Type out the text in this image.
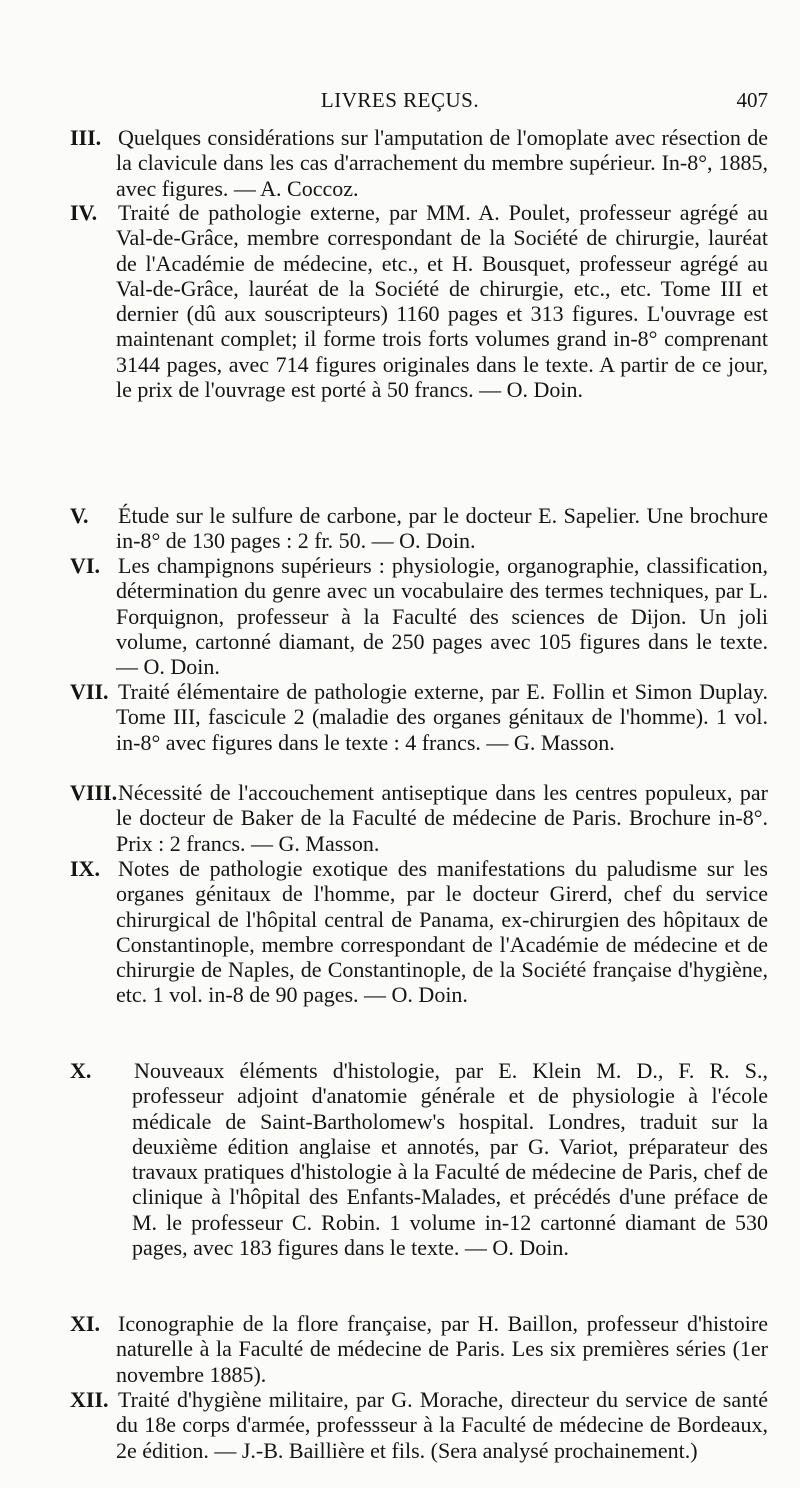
LIVRES REÇUS.	407
III. Quelques considérations sur l'amputation de l'omoplate avec résection de la clavicule dans les cas d'arrachement du membre supérieur. In-8°, 1885, avec figures. — A. Coccoz.
IV. Traité de pathologie externe, par MM. A. Poulet, professeur agrégé au Val-de-Grâce, membre correspondant de la Société de chirurgie, lauréat de l'Académie de médecine, etc., et H. Bousquet, professeur agrégé au Val-de-Grâce, lauréat de la Société de chirurgie, etc., etc. Tome III et dernier (dû aux souscripteurs) 1160 pages et 313 figures. L'ouvrage est maintenant complet; il forme trois forts volumes grand in-8° comprenant 3144 pages, avec 714 figures originales dans le texte. A partir de ce jour, le prix de l'ouvrage est porté à 50 francs. — O. Doin.
V. Étude sur le sulfure de carbone, par le docteur E. Sapelier. Une brochure in-8° de 130 pages : 2 fr. 50. — O. Doin.
VI. Les champignons supérieurs : physiologie, organographie, classification, détermination du genre avec un vocabulaire des termes techniques, par L. Forquignon, professeur à la Faculté des sciences de Dijon. Un joli volume, cartonné diamant, de 250 pages avec 105 figures dans le texte. — O. Doin.
VII. Traité élémentaire de pathologie externe, par E. Follin et Simon Duplay. Tome III, fascicule 2 (maladie des organes génitaux de l'homme). 1 vol. in-8° avec figures dans le texte : 4 francs. — G. Masson.
VIII. Nécessité de l'accouchement antiseptique dans les centres populeux, par le docteur de Baker de la Faculté de médecine de Paris. Brochure in-8°. Prix : 2 francs. — G. Masson.
IX. Notes de pathologie exotique des manifestations du paludisme sur les organes génitaux de l'homme, par le docteur Girerd, chef du service chirurgical de l'hôpital central de Panama, ex-chirurgien des hôpitaux de Constantinople, membre correspondant de l'Académie de médecine et de chirurgie de Naples, de Constantinople, de la Société française d'hygiène, etc. 1 vol. in-8 de 90 pages. — O. Doin.
X. Nouveaux éléments d'histologie, par E. Klein M. D., F. R. S., professeur adjoint d'anatomie générale et de physiologie à l'école médicale de Saint-Bartholomew's hospital. Londres, traduit sur la deuxième édition anglaise et annotés, par G. Variot, préparateur des travaux pratiques d'histologie à la Faculté de médecine de Paris, chef de clinique à l'hôpital des Enfants-Malades, et précédés d'une préface de M. le professeur C. Robin. 1 volume in-12 cartonné diamant de 530 pages, avec 183 figures dans le texte. — O. Doin.
XI. Iconographie de la flore française, par H. Baillon, professeur d'histoire naturelle à la Faculté de médecine de Paris. Les six premières séries (1er novembre 1885).
XII. Traité d'hygiène militaire, par G. Morache, directeur du service de santé du 18e corps d'armée, professseur à la Faculté de médecine de Bordeaux, 2e édition. — J.-B. Baillière et fils. (Sera analysé prochainement.)
